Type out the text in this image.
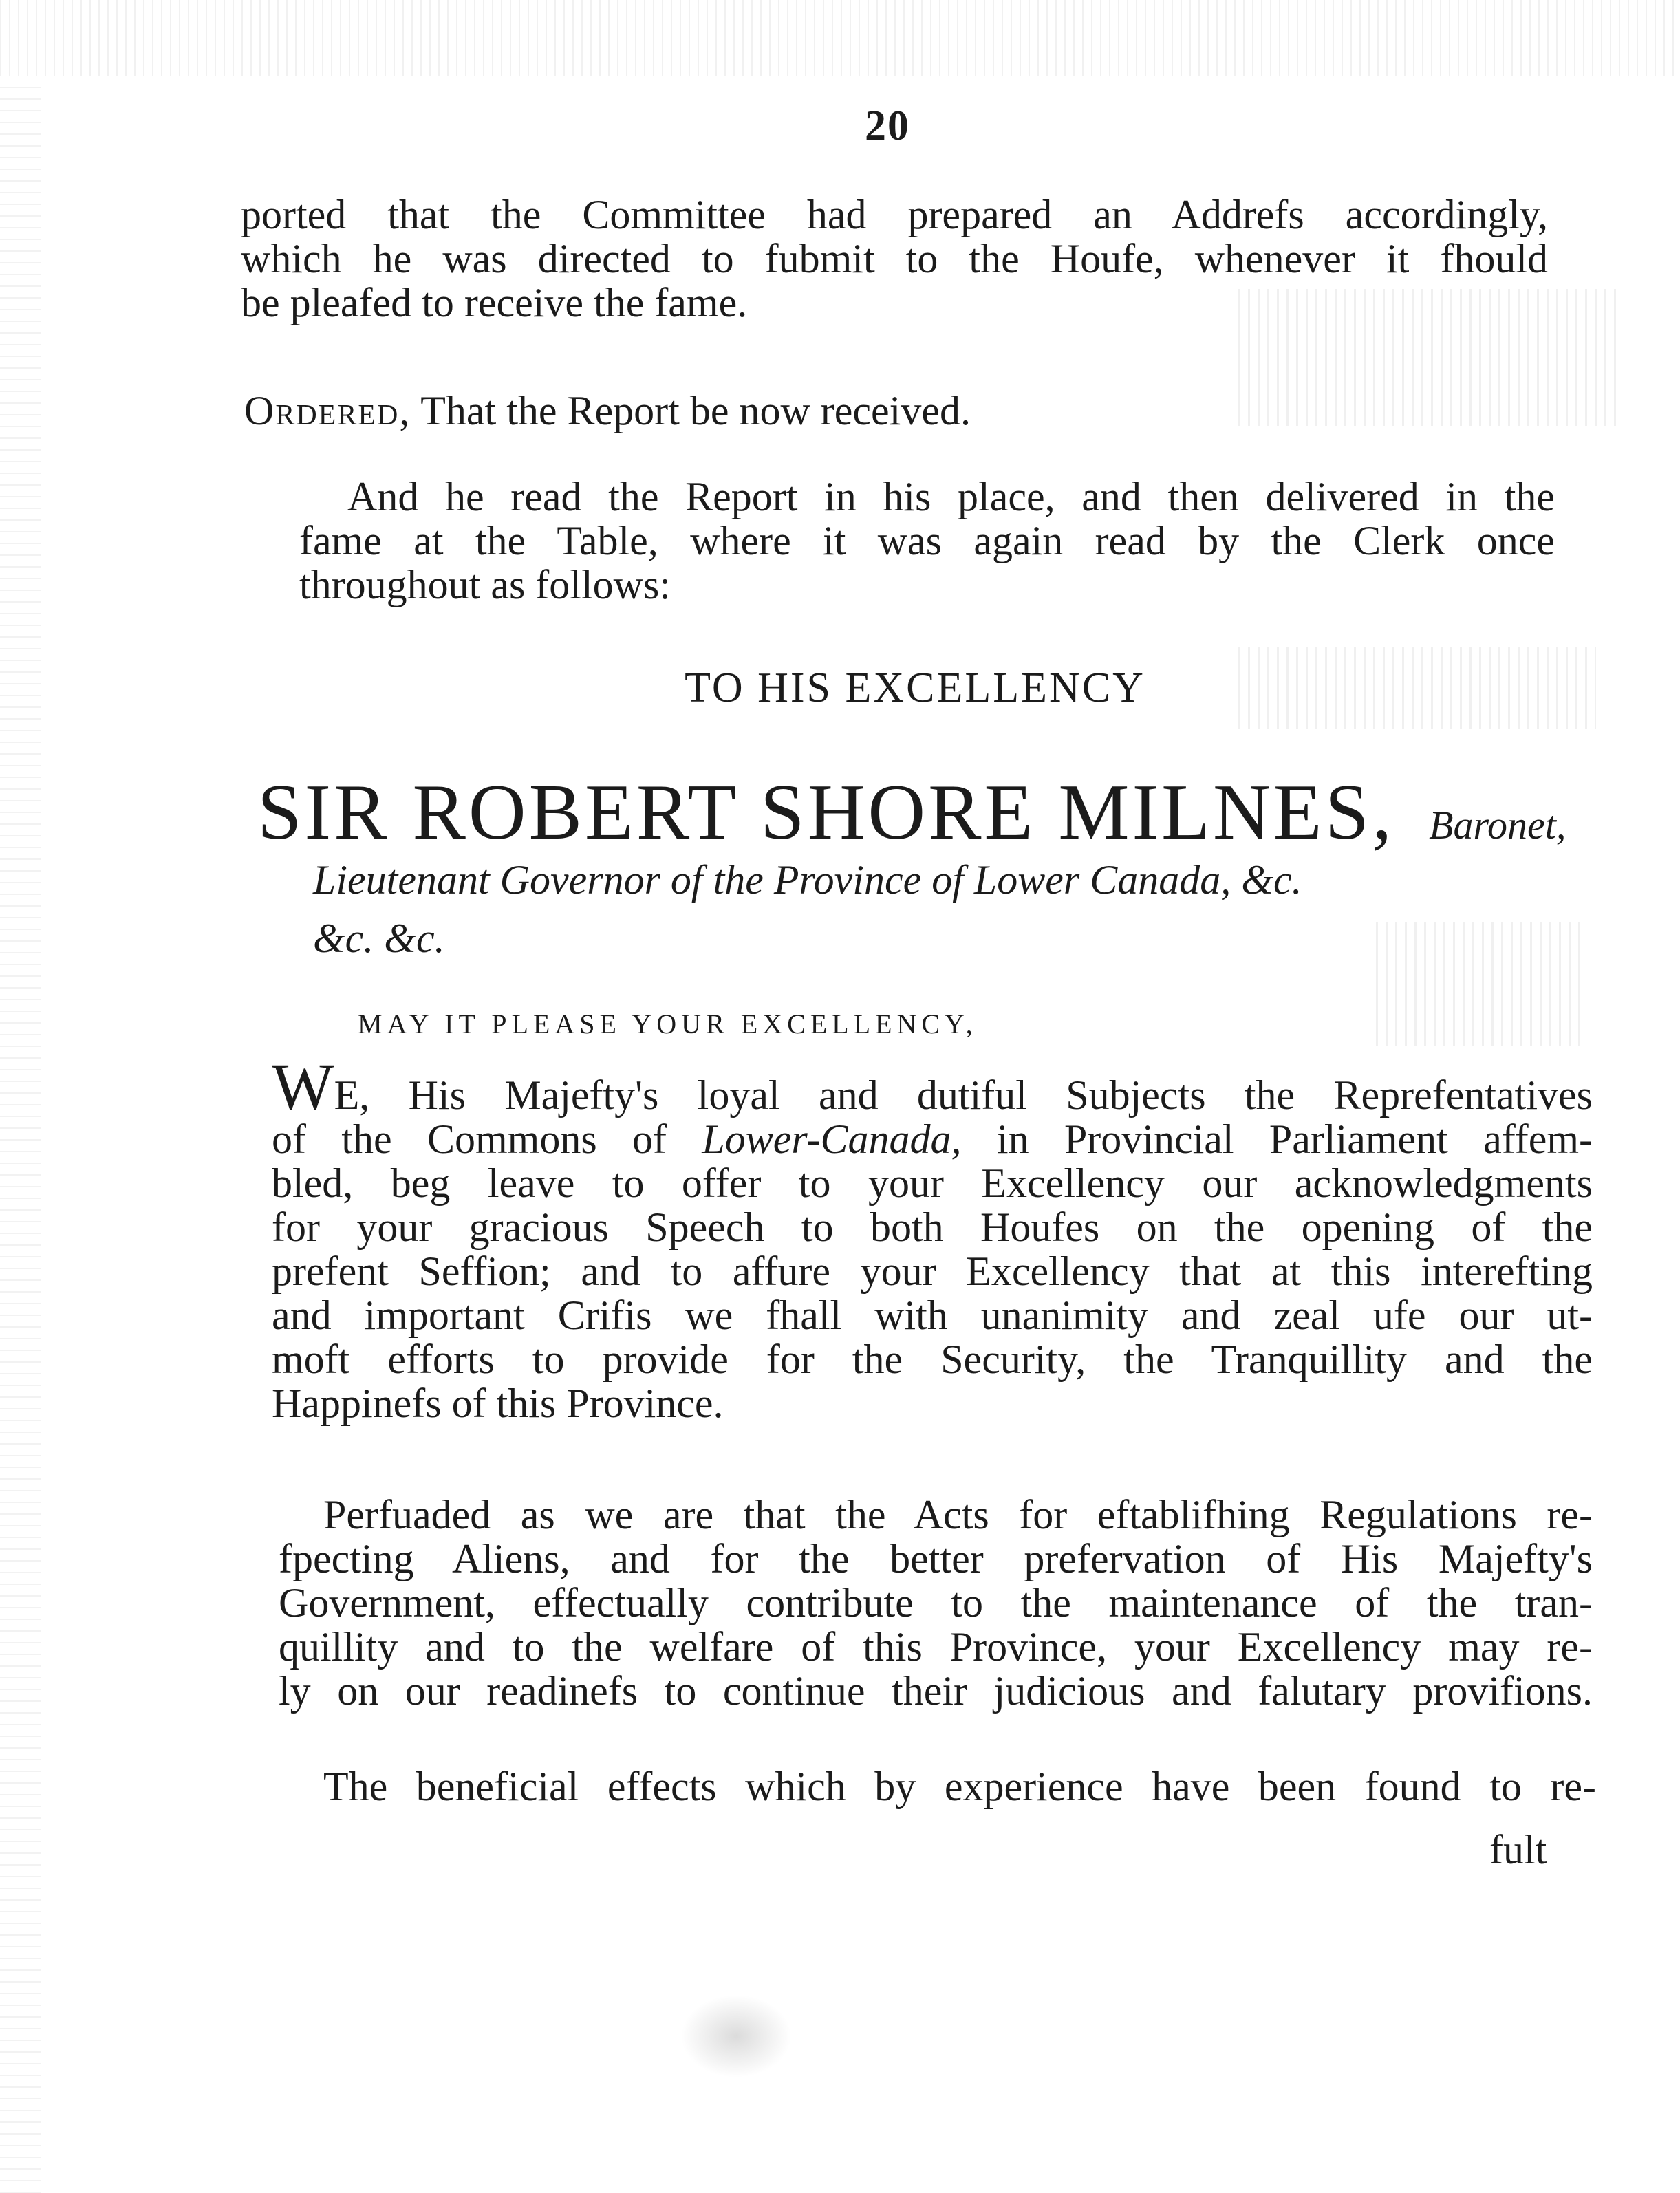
20
ported that the Committee had prepared an Addrefs accordingly,
which he was directed to fubmit to the Houfe, whenever it fhould
be pleafed to receive the fame.
Ordered, That the Report be now received.
And he read the Report in his place, and then delivered in the
fame at the Table, where it was again read by the Clerk once
throughout as follows:
TO HIS EXCELLENCY
SIR ROBERT SHORE MILNES, Baronet,
Lieutenant Governor of the Province of Lower Canada, &c.
&c. &c.
MAY IT PLEASE YOUR EXCELLENCY,
WE, His Majefty's loyal and dutiful Subjects the Reprefentatives
of the Commons of Lower-Canada, in Provincial Parliament affem-
bled, beg leave to offer to your Excellency our acknowledgments
for your gracious Speech to both Houfes on the opening of the
prefent Seffion; and to affure your Excellency that at this interefting
and important Crifis we fhall with unanimity and zeal ufe our ut-
moft efforts to provide for the Security, the Tranquillity and the
Happinefs of this Province.
Perfuaded as we are that the Acts for eftablifhing Regulations re-
fpecting Aliens, and for the better prefervation of His Majefty's
Government, effectually contribute to the maintenance of the tran-
quillity and to the welfare of this Province, your Excellency may re-
ly on our readinefs to continue their judicious and falutary provifions.
The beneficial effects which by experience have been found to re-
fult
